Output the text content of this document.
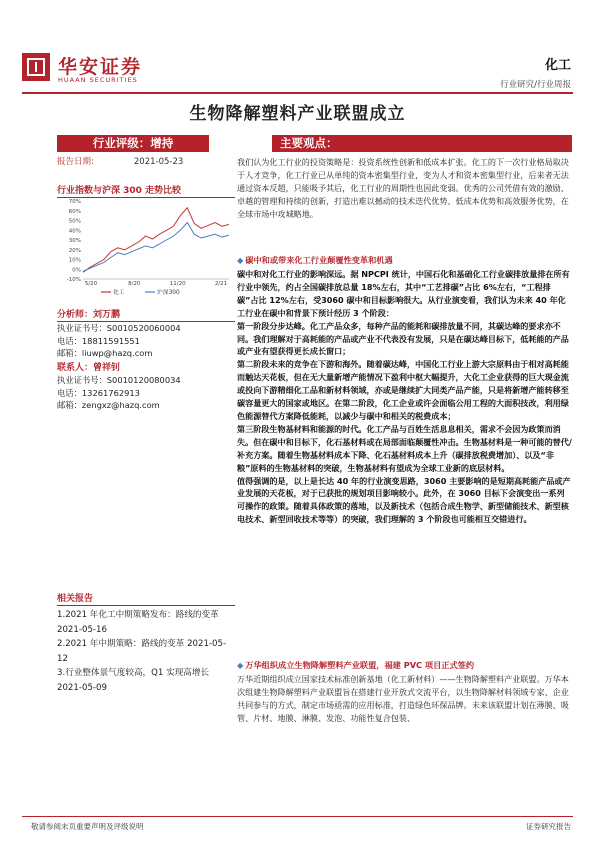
华安证券
HUAAN SECURITIES
化工
行业研究/行业周报
生物降解塑料产业联盟成立
行业评级：增持
报告日期:	2021-05-23
行业指数与沪深 300 走势比较
-10%
0%
10%
20%
30%
40%
50%
60%
70%
5/20	8/20	11/20	2/21
化工	沪深300
分析师：刘万鹏
执业证书号：S0010520060004
电话：18811591551
邮箱：liuwp@hazq.com
联系人：曾祥钊
执业证书号：S0010120080034
电话：13261762913
邮箱：zengxz@hazq.com
相关报告
1.2021 年化工中期策略发布：路线的变革 2021-05-16
2.2021 年中期策略：路线的变革 2021-05-12
3.行业整体景气度较高，Q1 实现高增长 2021-05-09
主要观点：
我们认为化工行业的投资策略是：投资系统性创新和低成本扩张。化工的下一次行业格局取决于人才竞争，化工行业已从单纯的资本密集型行业，变为人才和资本密集型行业，后来者无法通过资本反超，只能吸予其后，化工行业的周期性也因此变弱。优秀的公司凭借有效的激励、卓越的管理和持续的创新，打造出难以撼动的技术迭代优势、低成本优势和高效服务优势，在全球市场中攻城略地。
◆ 碳中和或带来化工行业颠覆性变革和机遇
碳中和对化工行业的影响深远。据 NPCPI 统计，中国石化和基础化工行业碳排放量排在所有行业中领先，约占全国碳排放总量 18%左右，其中“工艺排碳”占比 6%左右，“工程排碳”占比 12%左右，受3060 碳中和目标影响很大。从行业演变看，我们认为未来 40 年化工行业在碳中和背景下预计经历 3 个阶段：
第一阶段分步达峰。化工产品众多，每种产品的能耗和碳排放量不同，其碳达峰的要求亦不同。我们理解对于高耗能的产品或产业不代表没有发展，只是在碳达峰目标下，低耗能的产品或产业有望获得更长成长窗口；
第二阶段未来的竞争在下游和海外。随着碳达峰，中国化工行业上游大宗原料由于相对高耗能而触达天花板，但在无大量新增产能情况下盈利中枢大幅提升，大化工企业获得的巨大现金流或投向下游精细化工品和新材料领域，亦或是继续扩大同类产品产能，只是将新增产能转移至碳容量更大的国家或地区。在第二阶段，化工企业或许会面临公用工程的大面积技改，利用绿色能源替代方案降低能耗，以减少与碳中和相关的税费成本；
第三阶段生物基材料和能源的时代。化工产品与百姓生活息息相关，需求不会因为政策而消失。但在碳中和目标下，化石基材料或在局部面临颠覆性冲击。生物基材料是一种可能的替代/补充方案。随着生物基材料成本下降、化石基材料成本上升（碳排放税费增加）、以及“非粮”原料的生物基材料的突破，生物基材料有望成为全球工业新的底层材料。
值得强调的是，以上是长达 40 年的行业演变思路，3060 主要影响的是短期高耗能产品或产业发展的天花板，对于已获批的规划项目影响较小。此外，在 3060 目标下会演变出一系列可操作的政策。随着具体政策的落地，以及新技术（包括合成生物学、新型储能技术、新型核电技术、新型回收技术等等）的突破，我们理解的 3 个阶段也可能相互交错进行。
◆ 万华组织成立生物降解塑料产业联盟，福建 PVC 项目正式签约
万华近期组织成立国家技术标准创新基地（化工新材料）——生物降解塑料产业联盟。万华本次组建生物降解塑料产业联盟旨在搭建行业开放式交流平台，以生物降解材料领域专家、企业共同参与的方式，制定市场亟需的应用标准，打造绿色环保品牌。未来该联盟计划在薄膜、吸管、片材、地膜、淋膜、发泡、功能性复合包装、
敬请参阅末页重要声明及评级说明	证券研究报告
